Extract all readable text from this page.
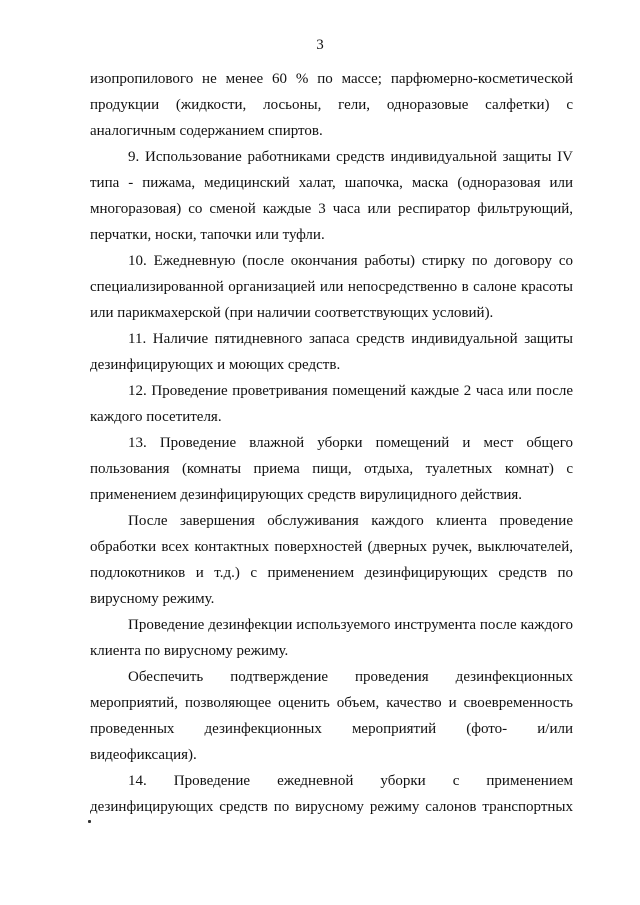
3

изопропилового не менее 60 % по массе; парфюмерно-косметической продукции (жидкости, лосьоны, гели, одноразовые салфетки) с аналогичным содержанием спиртов.

9. Использование работниками средств индивидуальной защиты IV типа - пижама, медицинский халат, шапочка, маска (одноразовая или многоразовая) со сменой каждые 3 часа или респиратор фильтрующий, перчатки, носки, тапочки или туфли.

10. Ежедневную (после окончания работы) стирку по договору со специализированной организацией или непосредственно в салоне красоты или парикмахерской (при наличии соответствующих условий).

11. Наличие пятидневного запаса средств индивидуальной защиты дезинфицирующих и моющих средств.

12. Проведение проветривания помещений каждые 2 часа или после каждого посетителя.

13. Проведение влажной уборки помещений и мест общего пользования (комнаты приема пищи, отдыха, туалетных комнат) с применением дезинфицирующих средств вирулицидного действия.

После завершения обслуживания каждого клиента проведение обработки всех контактных поверхностей (дверных ручек, выключателей, подлокотников и т.д.) с применением дезинфицирующих средств по вирусному режиму.

Проведение дезинфекции используемого инструмента после каждого клиента по вирусному режиму.

Обеспечить подтверждение проведения дезинфекционных мероприятий, позволяющее оценить объем, качество и своевременность проведенных дезинфекционных мероприятий (фото- и/или видеофиксация).

14. Проведение ежедневной уборки с применением дезинфицирующих средств по вирусному режиму салонов транспортных
